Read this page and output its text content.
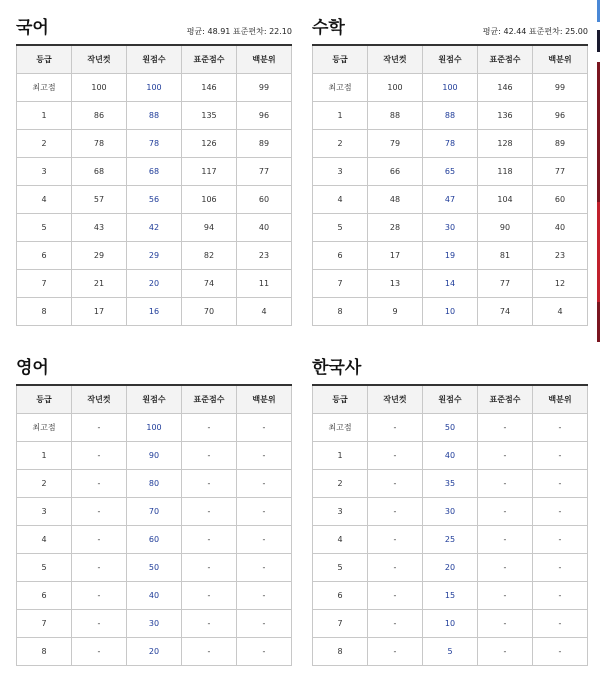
국어	평균: 48.91 표준편차: 22.10
등급	작년컷	원점수	표준점수	백분위
최고점	100	100	146	99
1	86	88	135	96
2	78	78	126	89
3	68	68	117	77
4	57	56	106	60
5	43	42	94	40
6	29	29	82	23
7	21	20	74	11
8	17	16	70	4
수학	평균: 42.44 표준편차: 25.00
등급	작년컷	원점수	표준점수	백분위
최고점	100	100	146	99
1	88	88	136	96
2	79	78	128	89
3	66	65	118	77
4	48	47	104	60
5	28	30	90	40
6	17	19	81	23
7	13	14	77	12
8	9	10	74	4
영어
등급	작년컷	원점수	표준점수	백분위
최고점	-	100	-	-
1	-	90	-	-
2	-	80	-	-
3	-	70	-	-
4	-	60	-	-
5	-	50	-	-
6	-	40	-	-
7	-	30	-	-
8	-	20	-	-
한국사
등급	작년컷	원점수	표준점수	백분위
최고점	-	50	-	-
1	-	40	-	-
2	-	35	-	-
3	-	30	-	-
4	-	25	-	-
5	-	20	-	-
6	-	15	-	-
7	-	10	-	-
8	-	5	-	-
